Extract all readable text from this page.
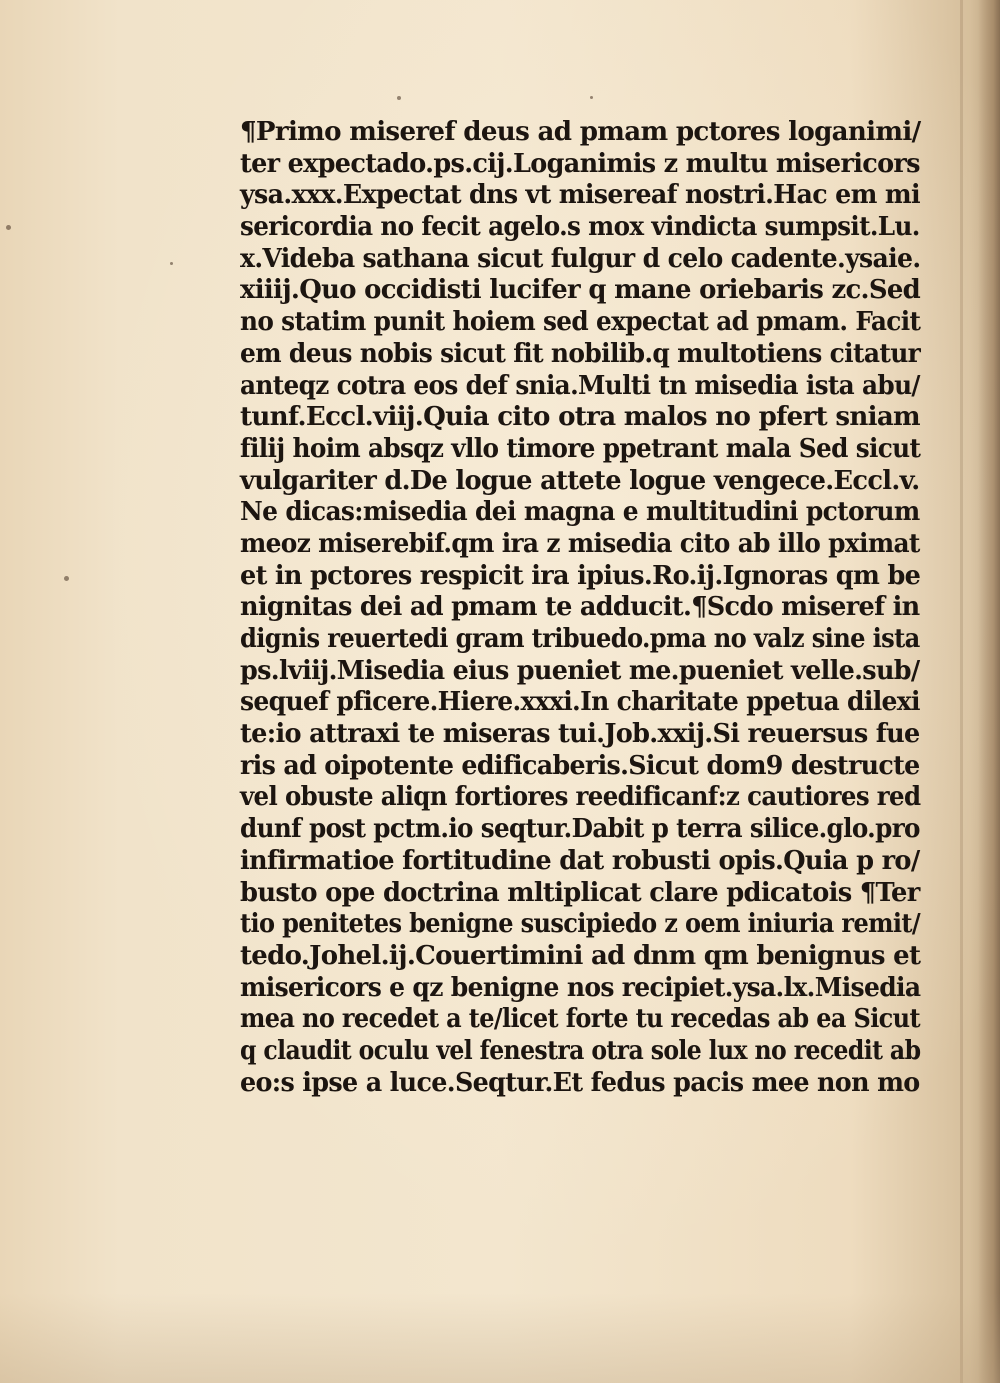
¶Primo miseref deus ad pmam pctores loganimi/
ter expectado.ps.cij.Loganimis z multu misericors
ysa.xxx.Expectat dns vt misereaf nostri.Hac em mi
sericordia no fecit agelo.s mox vindicta sumpsit.Lu.
x.Videba sathana sicut fulgur d celo cadente.ysaie.
xiiij.Quo occidisti lucifer q mane oriebaris zc.Sed
no statim punit hoiem sed expectat ad pmam. Facit
em deus nobis sicut fit nobilib.q multotiens citatur
anteqz cotra eos def snia.Multi tn misedia ista abu/
tunf.Eccl.viij.Quia cito otra malos no pfert sniam
filij hoim absqz vllo timore ppetrant mala Sed sicut
vulgariter d.De logue attete logue vengece.Eccl.v.
Ne dicas:misedia dei magna e multitudini pctorum
meoz miserebif.qm ira z misedia cito ab illo pximat
et in pctores respicit ira ipius.Ro.ij.Ignoras qm be
nignitas dei ad pmam te adducit.¶Scdo miseref in
dignis reuertedi gram tribuedo.pma no valz sine ista
ps.lviij.Misedia eius pueniet me.pueniet velle.sub/
sequef pficere.Hiere.xxxi.In charitate ppetua dilexi
te:io attraxi te miseras tui.Job.xxij.Si reuersus fue
ris ad oipotente edificaberis.Sicut dom9 destructe
vel obuste aliqn fortiores reedificanf:z cautiores red
dunf post pctm.io seqtur.Dabit p terra silice.glo.pro
infirmatioe fortitudine dat robusti opis.Quia p ro/
busto ope doctrina mltiplicat clare pdicatois ¶Ter
tio penitetes benigne suscipiedo z oem iniuria remit/
tedo.Johel.ij.Couertimini ad dnm qm benignus et
misericors e qz benigne nos recipiet.ysa.lx.Misedia
mea no recedet a te/licet forte tu recedas ab ea Sicut
q claudit oculu vel fenestra otra sole lux no recedit ab
eo:s ipse a luce.Seqtur.Et fedus pacis mee non mo
